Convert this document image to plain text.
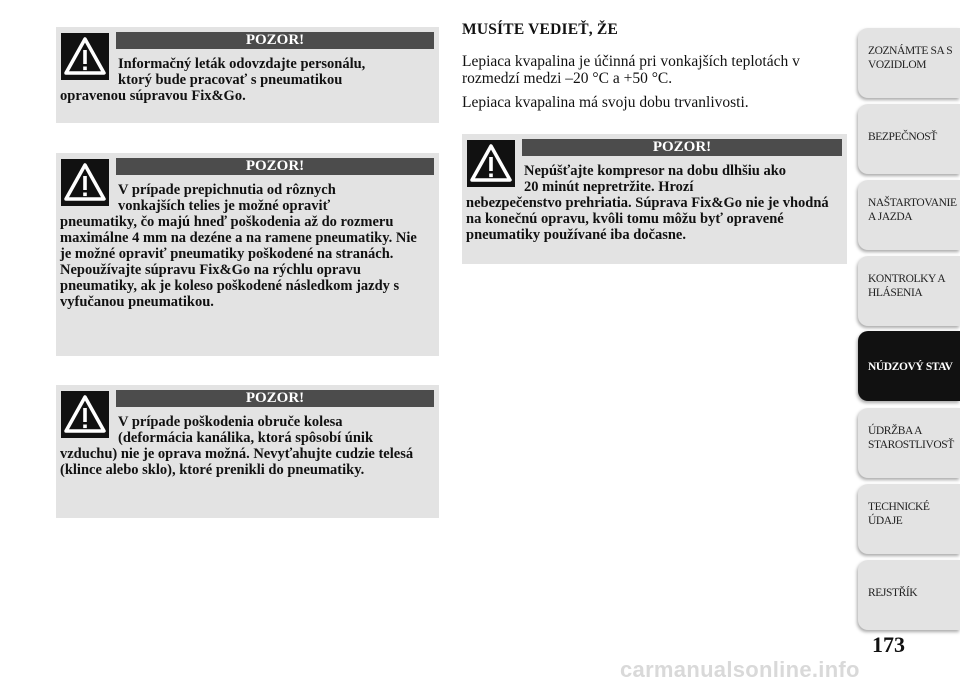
POZOR!
Informačný leták odovzdajte personálu,
ktorý bude pracovať s pneumatikou
opravenou súpravou Fix&Go.
POZOR!
V prípade prepichnutia od rôznych
vonkajších telies je možné opraviť
pneumatiky, čo majú hneď poškodenia až do rozmeru maximálne 4 mm na dezéne a na ramene pneumatiky. Nie je možné opraviť pneumatiky poškodené na stranách. Nepoužívajte súpravu Fix&Go na rýchlu opravu pneumatiky, ak je koleso poškodené následkom jazdy s vyfučanou pneumatikou.
POZOR!
V prípade poškodenia obruče kolesa
(deformácia kanálika, ktorá spôsobí únik
vzduchu) nie je oprava možná. Nevyťahujte cudzie telesá (klince alebo sklo), ktoré prenikli do pneumatiky.
MUSÍTE VEDIEŤ, ŽE
Lepiaca kvapalina je účinná pri vonkajších teplotách v rozmedzí medzi –20 °C a +50 °C.
Lepiaca kvapalina má svoju dobu trvanlivosti.
POZOR!
Nepúšťajte kompresor na dobu dlhšiu ako
20 minút nepretržite. Hrozí
nebezpečenstvo prehriatia. Súprava Fix&Go nie je vhodná na konečnú opravu, kvôli tomu môžu byť opravené pneumatiky používané iba dočasne.
ZOZNÁMTE SA S
VOZIDLOM
BEZPEČNOSŤ
NAŠTARTOVANIE
A JAZDA
KONTROLKY A
HLÁSENIA
NÚDZOVÝ STAV
ÚDRŽBA A
STAROSTLIVOSŤ
TECHNICKÉ
ÚDAJE
REJSTŘÍK
173
carmanualsonline.info
